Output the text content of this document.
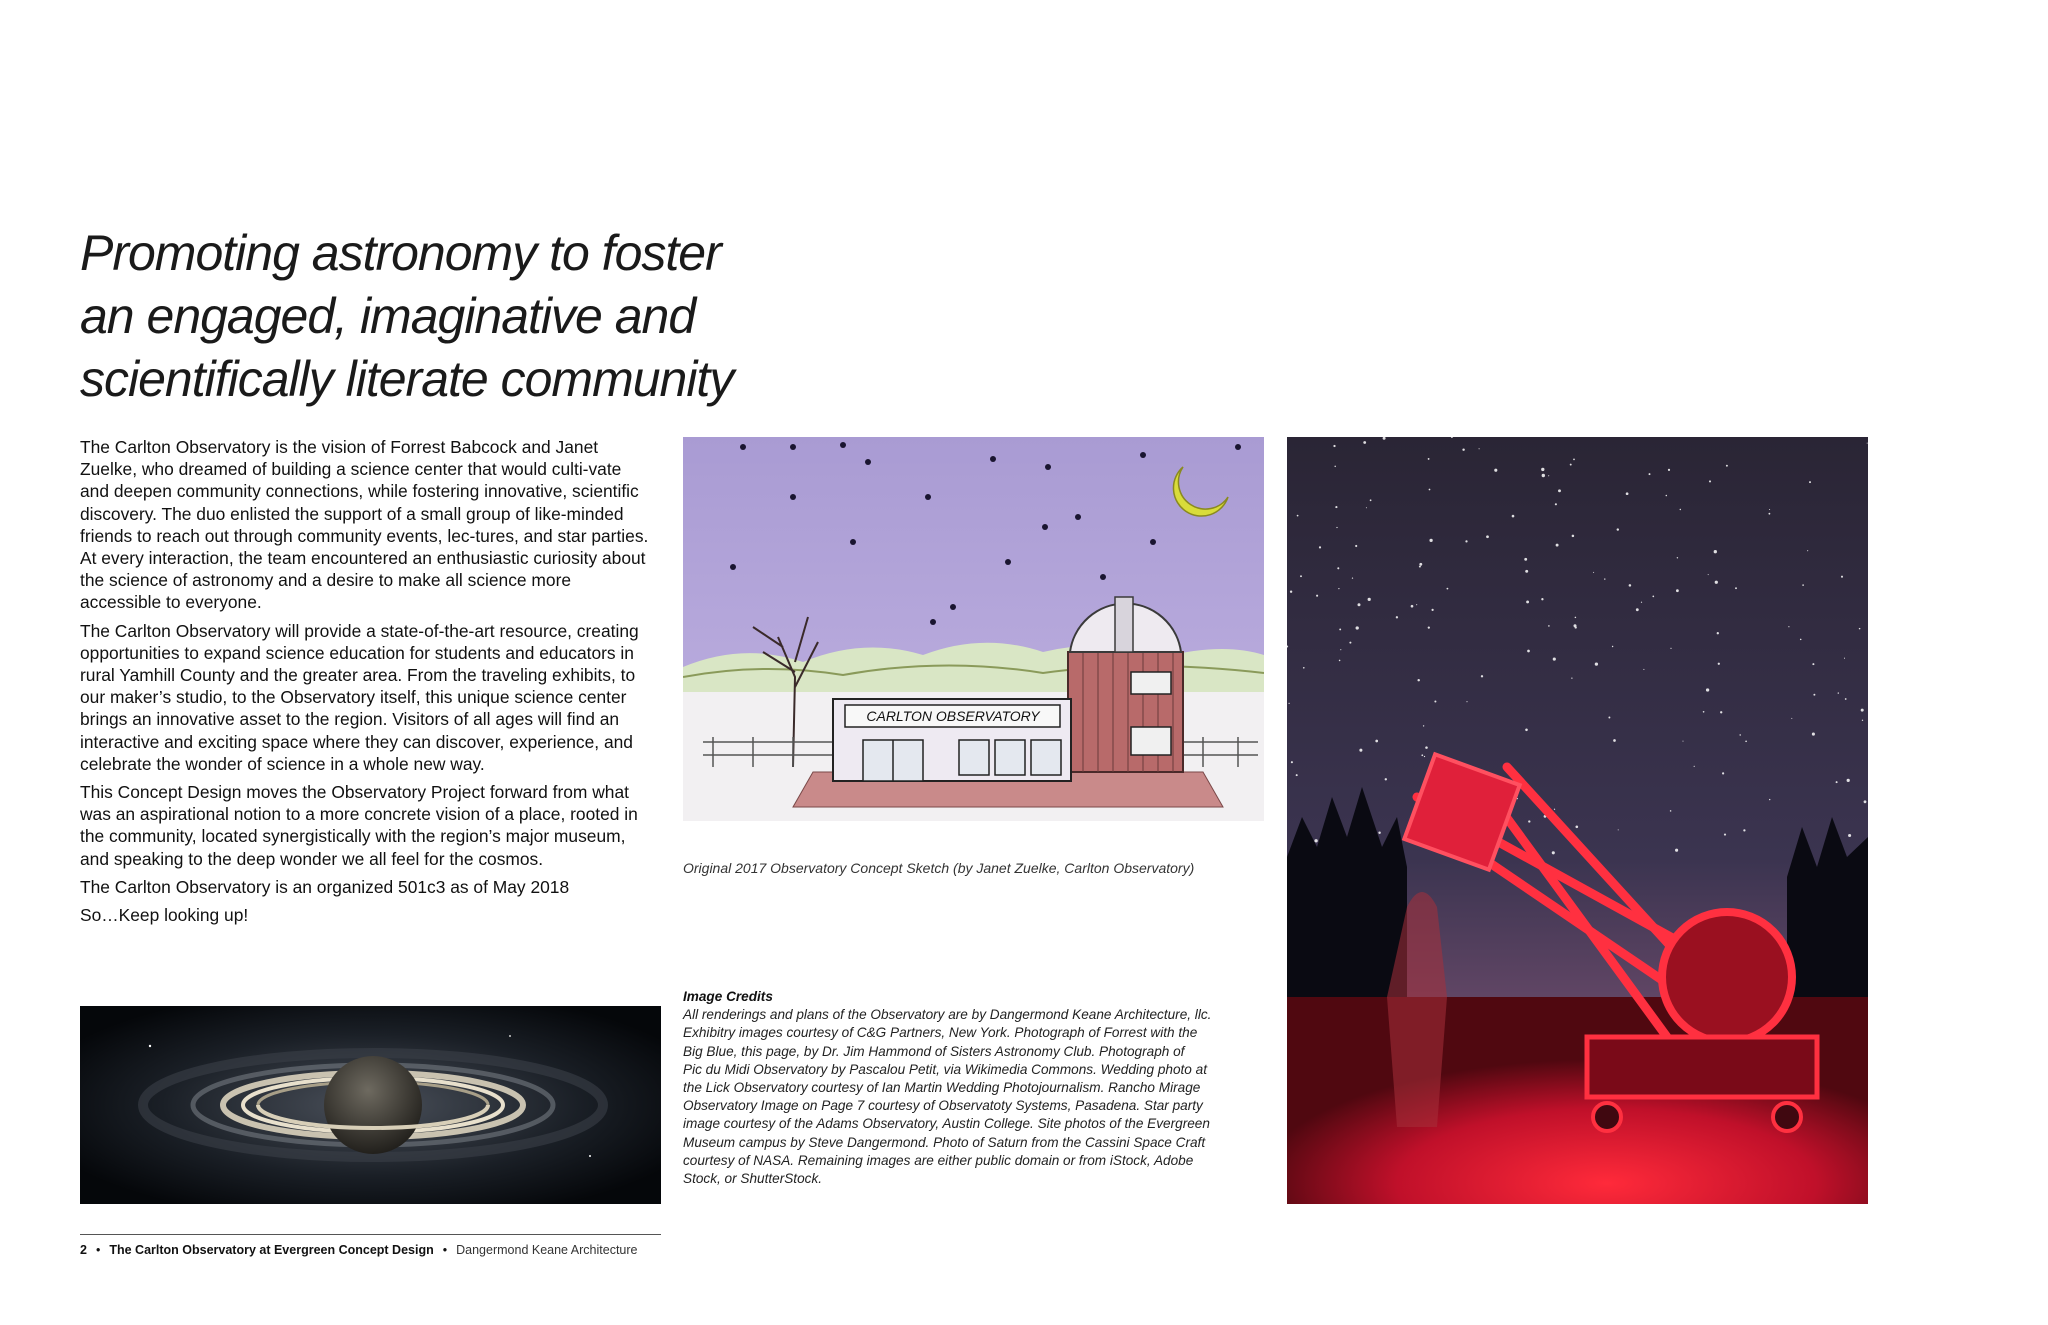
Promoting astronomy to foster
an engaged, imaginative and
scientifically literate community

The Carlton Observatory is the vision of Forrest Babcock and Janet Zuelke, who dreamed of building a science center that would culti-vate and deepen community connections, while fostering innovative, scientific discovery. The duo enlisted the support of a small group of like-minded friends to reach out through community events, lec-tures, and star parties. At every interaction, the team encountered an enthusiastic curiosity about the science of astronomy and a desire to make all science more accessible to everyone.

The Carlton Observatory will provide a state-of-the-art resource, creating opportunities to expand science education for students and educators in rural Yamhill County and the greater area. From the traveling exhibits, to our maker’s studio, to the Observatory itself, this unique science center brings an innovative asset to the region. Visitors of all ages will find an interactive and exciting space where they can discover, experience, and celebrate the wonder of science in a whole new way.

This Concept Design moves the Observatory Project forward from what was an aspirational notion to a more concrete vision of a place, rooted in the community, located synergistically with the region’s major museum, and speaking to the deep wonder we all feel for the cosmos.

The Carlton Observatory is an organized 501c3 as of May 2018

So…Keep looking up!

2 • The Carlton Observatory at Evergreen Concept Design • Dangermond Keane Architecture
CARLTON OBSERVATORY
Original 2017 Observatory Concept Sketch (by Janet Zuelke, Carlton Observatory)
Image Credits
All renderings and plans of the Observatory are by Dangermond Keane Architecture, llc.
Exhibitry images courtesy of C&G Partners, New York. Photograph of Forrest with the
Big Blue, this page, by Dr. Jim Hammond of Sisters Astronomy Club. Photograph of
Pic du Midi Observatory by Pascalou Petit, via Wikimedia Commons. Wedding photo at
the Lick Observatory courtesy of Ian Martin Wedding Photojournalism. Rancho Mirage
Observatory Image on Page 7 courtesy of Observatoty Systems, Pasadena. Star party
image courtesy of the Adams Observatory, Austin College. Site photos of the Evergreen
Museum campus by Steve Dangermond. Photo of Saturn from the Cassini Space Craft
courtesy of NASA. Remaining images are either public domain or from iStock, Adobe
Stock, or ShutterStock.
